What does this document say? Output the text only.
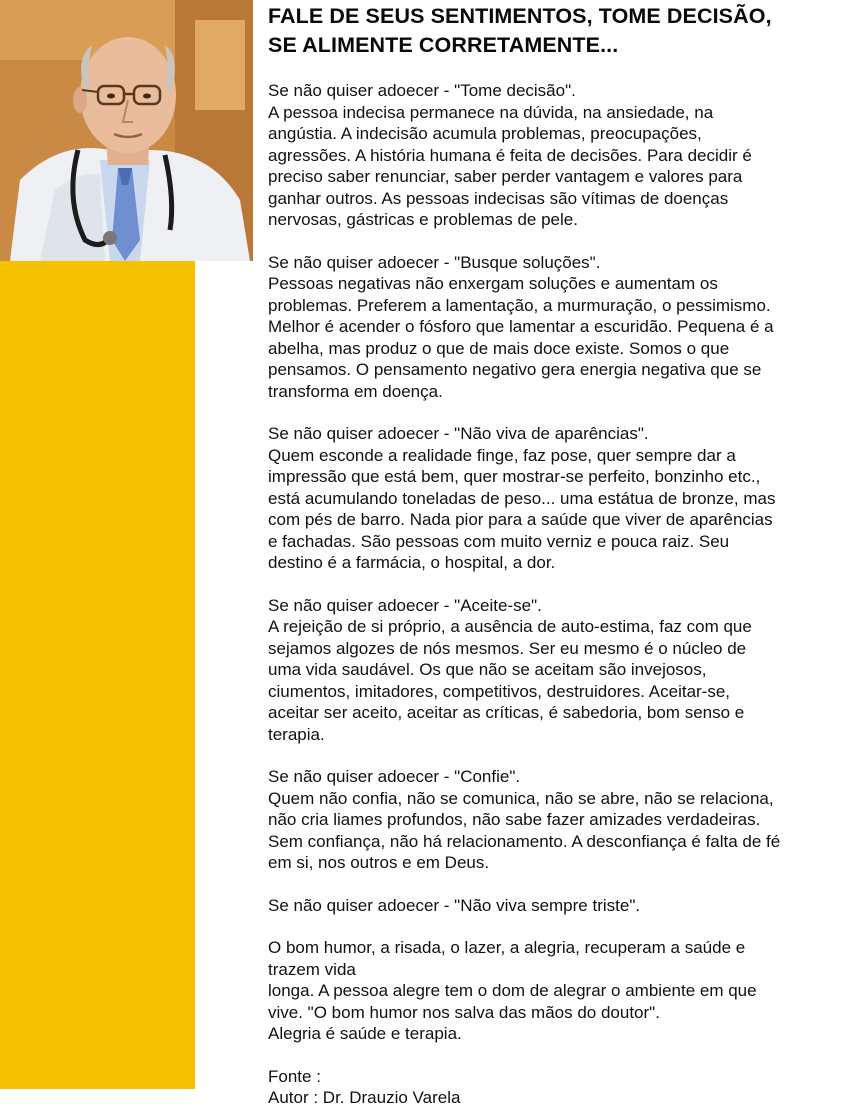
FALE DE SEUS SENTIMENTOS, TOME DECISÃO,
SE ALIMENTE CORRETAMENTE...
Se não quiser adoecer - "Tome decisão".
A pessoa indecisa permanece na dúvida, na ansiedade, na
angústia. A indecisão acumula problemas, preocupações,
agressões. A história humana é feita de decisões. Para decidir é
preciso saber renunciar, saber perder vantagem e valores para
ganhar outros. As pessoas indecisas são vítimas de doenças
nervosas, gástricas e problemas de pele.
Se não quiser adoecer - "Busque soluções".
Pessoas negativas não enxergam soluções e aumentam os
problemas. Preferem a lamentação, a murmuração, o pessimismo.
Melhor é acender o fósforo que lamentar a escuridão. Pequena é a
abelha, mas produz o que de mais doce existe. Somos o que
pensamos. O pensamento negativo gera energia negativa que se
transforma em doença.
Se não quiser adoecer - "Não viva de aparências".
Quem esconde a realidade finge, faz pose, quer sempre dar a
impressão que está bem, quer mostrar-se perfeito, bonzinho etc.,
está acumulando toneladas de peso... uma estátua de bronze, mas
com pés de barro. Nada pior para a saúde que viver de aparências
e fachadas. São pessoas com muito verniz e pouca raiz. Seu
destino é a farmácia, o hospital, a dor.
Se não quiser adoecer - "Aceite-se".
A rejeição de si próprio, a ausência de auto-estima, faz com que
sejamos algozes de nós mesmos. Ser eu mesmo é o núcleo de
uma vida saudável. Os que não se aceitam são invejosos,
ciumentos, imitadores, competitivos, destruidores. Aceitar-se,
aceitar ser aceito, aceitar as críticas, é sabedoria, bom senso e
terapia.
Se não quiser adoecer - "Confie".
Quem não confia, não se comunica, não se abre, não se relaciona,
não cria liames profundos, não sabe fazer amizades verdadeiras.
Sem confiança, não há relacionamento. A desconfiança é falta de fé
em si, nos outros e em Deus.
Se não quiser adoecer - "Não viva sempre triste".
O bom humor, a risada, o lazer, a alegria, recuperam a saúde e
trazem vida
longa. A pessoa alegre tem o dom de alegrar o ambiente em que
vive. "O bom humor nos salva das mãos do doutor".
Alegria é saúde e terapia.
Fonte :
Autor : Dr. Drauzio Varela
